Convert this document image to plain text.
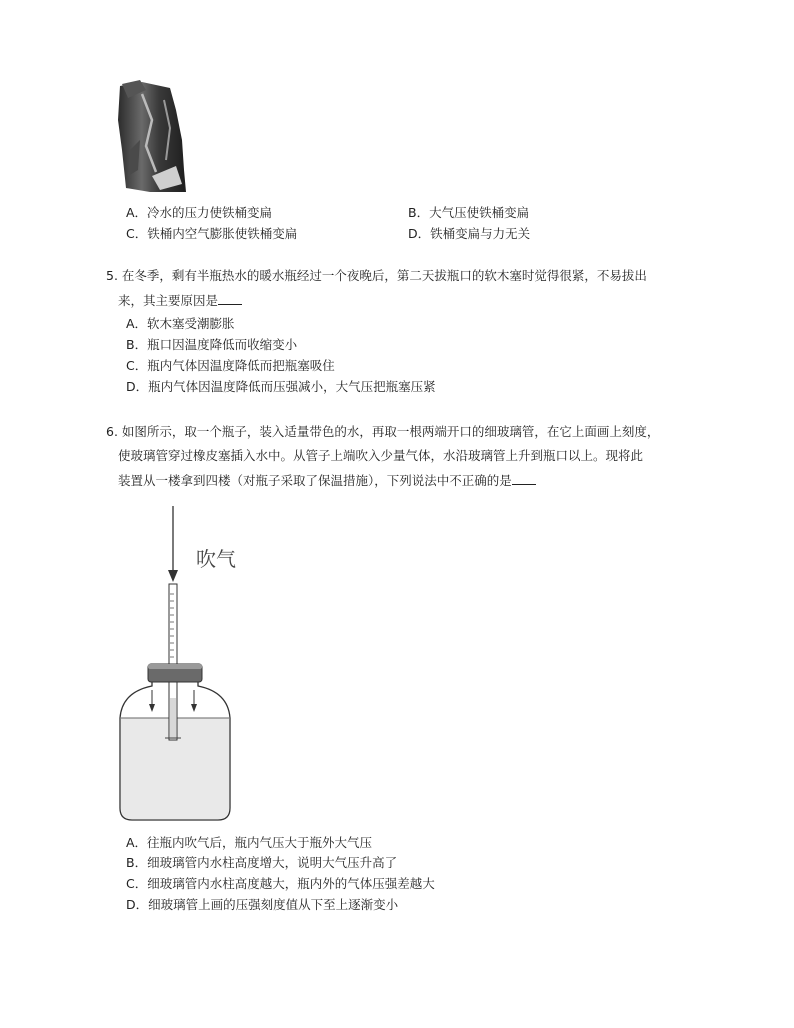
A．冷水的压力使铁桶变扁	B．大气压使铁桶变扁
C．铁桶内空气膨胀使铁桶变扁	D．铁桶变扁与力无关
5. 在冬季，剩有半瓶热水的暖水瓶经过一个夜晚后，第二天拔瓶口的软木塞时觉得很紧，不易拔出
来，其主要原因是
A．软木塞受潮膨胀
B．瓶口因温度降低而收缩变小
C．瓶内气体因温度降低而把瓶塞吸住
D．瓶内气体因温度降低而压强减小，大气压把瓶塞压紧
6. 如图所示，取一个瓶子，装入适量带色的水，再取一根两端开口的细玻璃管，在它上面画上刻度，
使玻璃管穿过橡皮塞插入水中。从管子上端吹入少量气体，水沿玻璃管上升到瓶口以上。现将此
装置从一楼拿到四楼（对瓶子采取了保温措施），下列说法中不正确的是
吹气
A．往瓶内吹气后，瓶内气压大于瓶外大气压
B．细玻璃管内水柱高度增大，说明大气压升高了
C．细玻璃管内水柱高度越大，瓶内外的气体压强差越大
D．细玻璃管上画的压强刻度值从下至上逐渐变小
